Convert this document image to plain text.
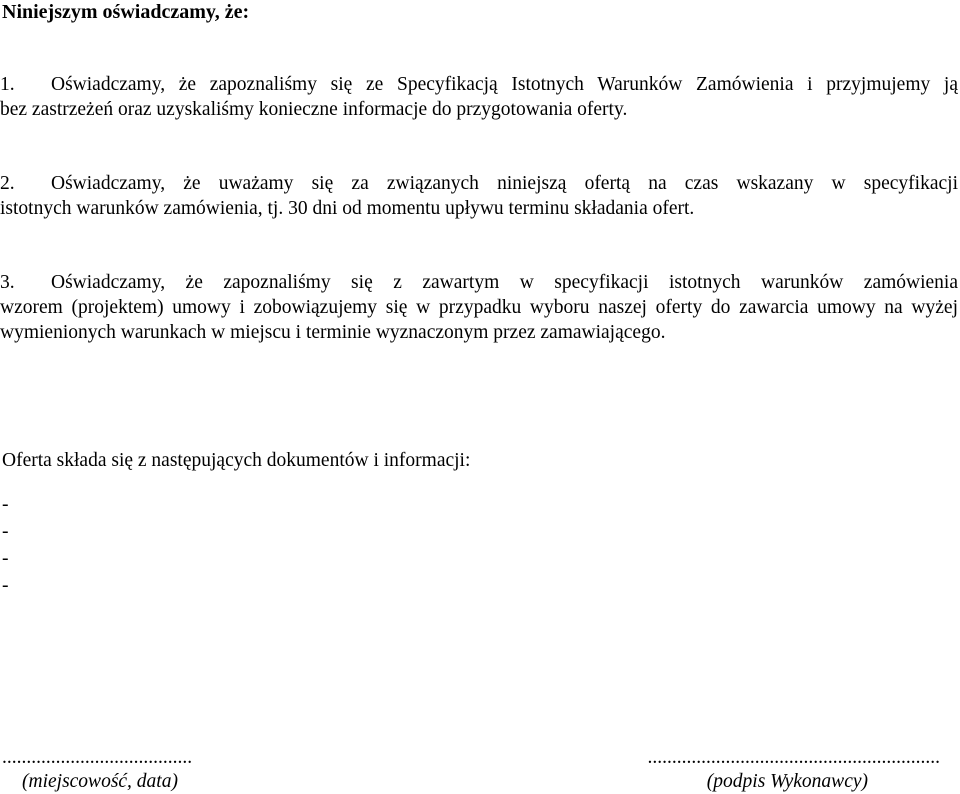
Niniejszym oświadczamy, że:
1. Oświadczamy, że zapoznaliśmy się ze Specyfikacją Istotnych Warunków Zamówienia i przyjmujemy ją
bez zastrzeżeń oraz uzyskaliśmy konieczne informacje do przygotowania oferty.
2. Oświadczamy, że uważamy się za związanych niniejszą ofertą na czas wskazany w specyfikacji
istotnych warunków zamówienia, tj. 30 dni od momentu upływu terminu składania ofert.
3. Oświadczamy, że zapoznaliśmy się z zawartym w specyfikacji istotnych warunków zamówienia
wzorem (projektem) umowy i zobowiązujemy się w przypadku wyboru naszej oferty do zawarcia umowy na wyżej wymienionych warunkach w miejscu i terminie wyznaczonym przez zamawiającego.
Oferta składa się z następujących dokumentów i informacji:
-
-
-
-
.......................................	............................................................
(miejscowość, data)	(podpis Wykonawcy)
